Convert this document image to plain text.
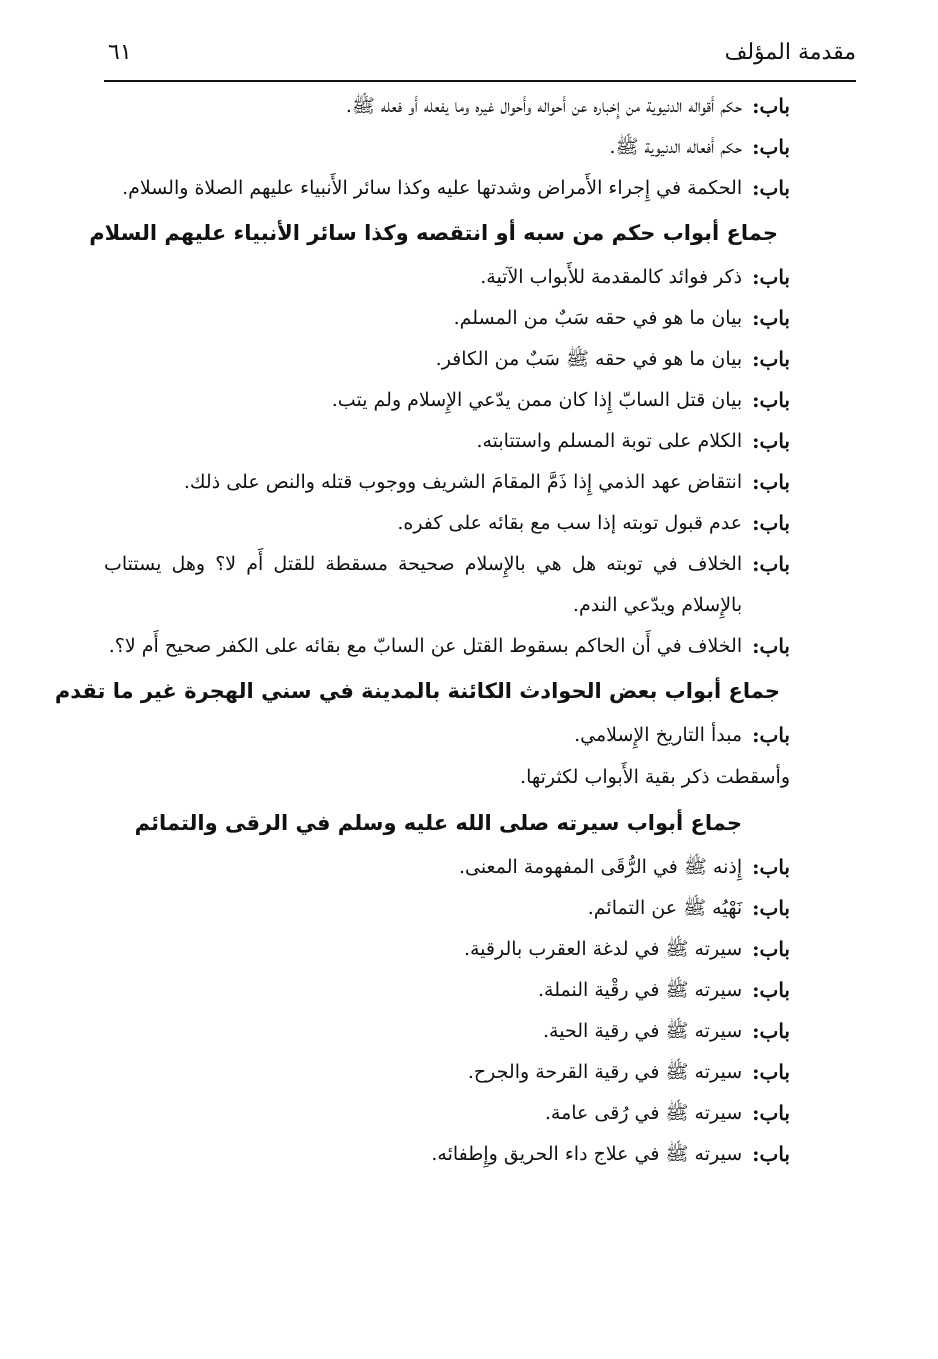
مقدمة المؤلف
٦١
باب:
حكم أَقواله الدنيوية من إِخباره عن أَحواله وأَحوال غيره وما يفعله أَو فعله ﷺ.
باب:
حكم أَفعاله الدنيوية ﷺ.
باب:
الحكمة في إِجراء الأَمراض وشدتها عليه وكذا سائر الأَنبياء عليهم الصلاة والسلام.
جماع أبواب حكم من سبه أو انتقصه وكذا سائر الأنبياء عليهم السلام
باب:
ذكر فوائد كالمقدمة للأَبواب الآتية.
باب:
بيان ما هو في حقه سَبٌ من المسلم.
باب:
بيان ما هو في حقه ﷺ سَبٌ من الكافر.
باب:
بيان قتل السابّ إِذا كان ممن يدّعي الإِسلام ولم يتب.
باب:
الكلام على توبة المسلم واستتابته.
باب:
انتقاض عهد الذمي إِذا ذَمَّ المقامَ الشريف ووجوب قتله والنص على ذلك.
باب:
عدم قبول توبته إذا سب مع بقائه على كفره.
باب:
الخلاف في توبته هل هي بالإِسلام صحيحة مسقطة للقتل أَم لا؟ وهل يستتاب بالإِسلام ويدّعي الندم.
باب:
الخلاف في أَن الحاكم بسقوط القتل عن السابّ مع بقائه على الكفر صحيح أَم لا؟.
جماع أبواب بعض الحوادث الكائنة بالمدينة في سني الهجرة غير ما تقدم
باب:
مبدأ التاريخ الإِسلامي.
وأسقطت ذكر بقية الأَبواب لكثرتها.
جماع أبواب سيرته صلى الله عليه وسلم في الرقى والتمائم
باب:
إِذنه ﷺ في الرُّقَى المفهومة المعنى.
باب:
نَهْيُه ﷺ عن التمائم.
باب:
سيرته ﷺ في لدغة العقرب بالرقية.
باب:
سيرته ﷺ في رقْية النملة.
باب:
سيرته ﷺ في رقية الحية.
باب:
سيرته ﷺ في رقية القرحة والجرح.
باب:
سيرته ﷺ في رُقى عامة.
باب:
سيرته ﷺ في علاج داء الحريق وإِطفائه.
